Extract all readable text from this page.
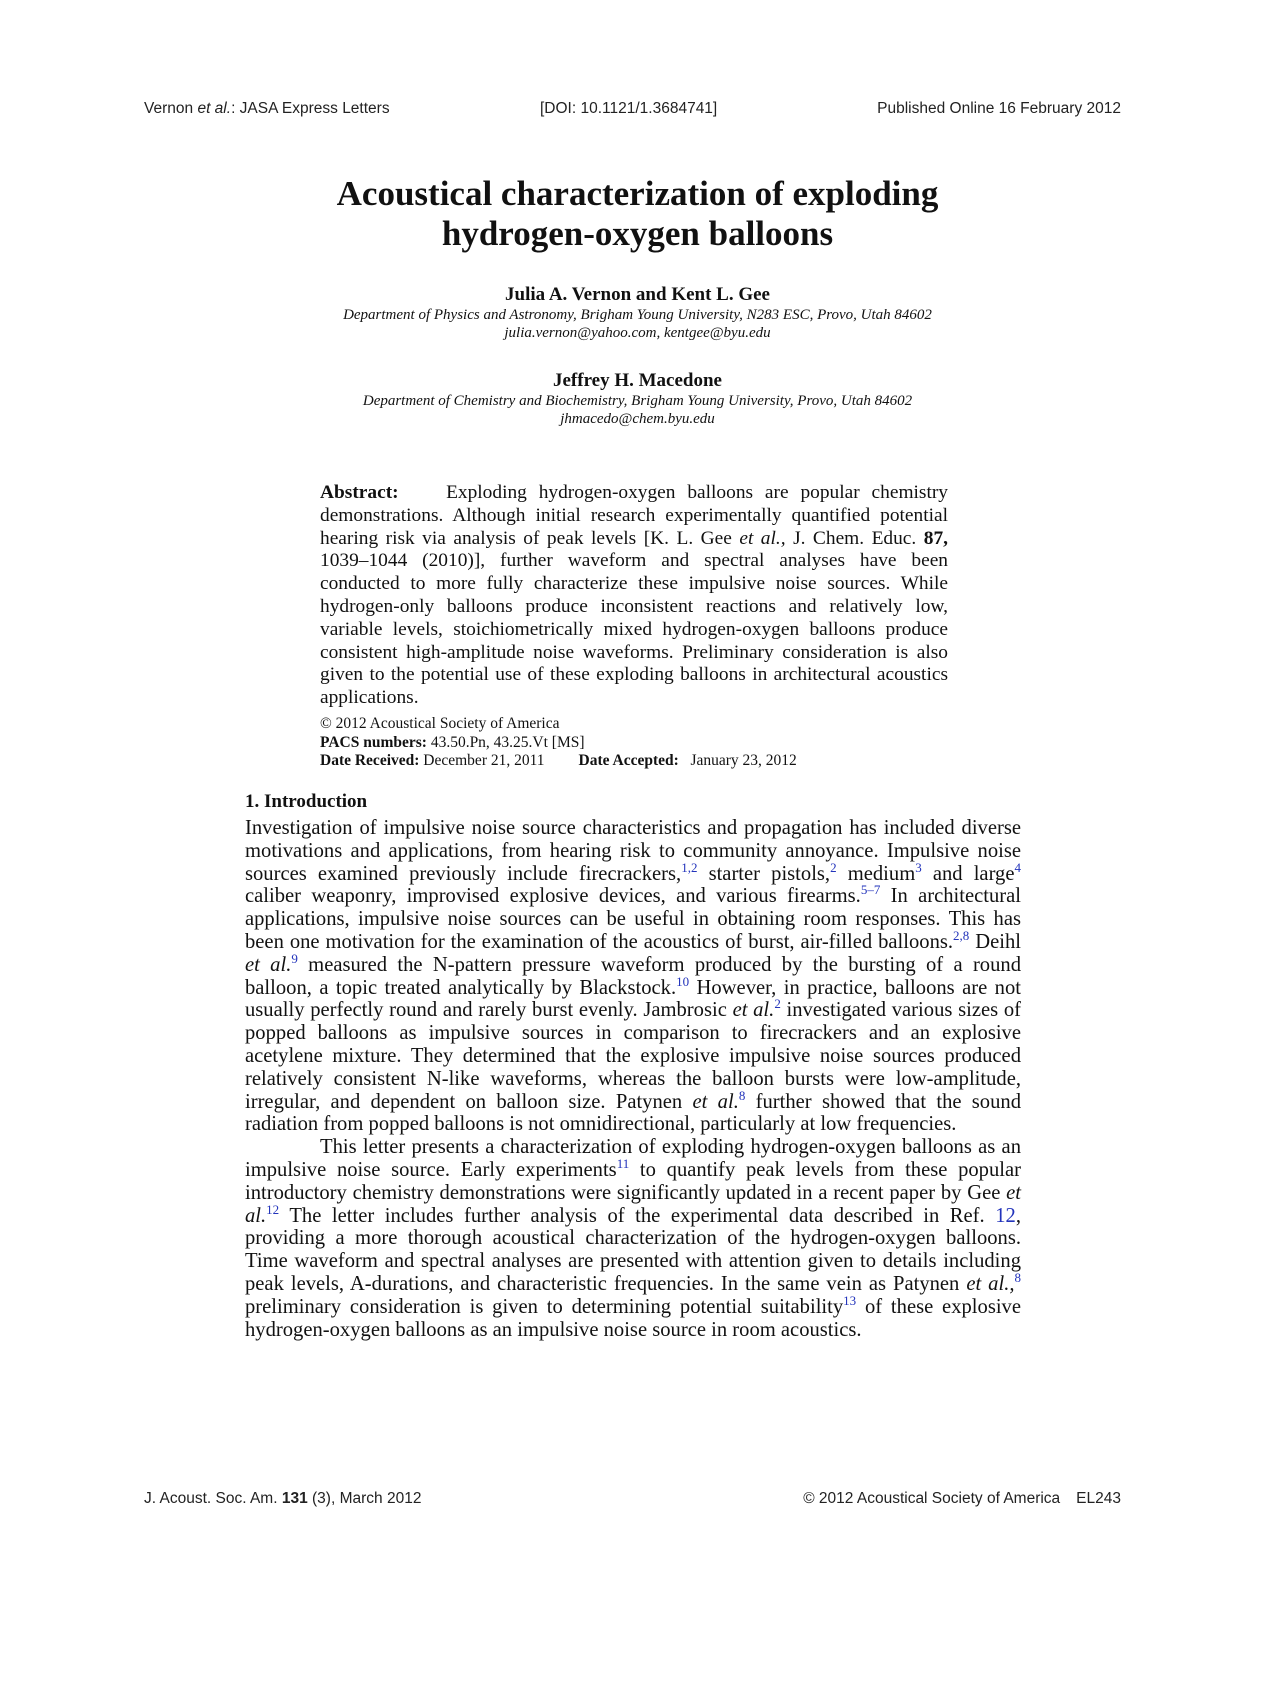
Vernon et al.: JASA Express Letters	[DOI: 10.1121/1.3684741]	Published Online 16 February 2012
Acoustical characterization of exploding
hydrogen-oxygen balloons
Julia A. Vernon and Kent L. Gee
Department of Physics and Astronomy, Brigham Young University, N283 ESC, Provo, Utah 84602
julia.vernon@yahoo.com, kentgee@byu.edu
Jeffrey H. Macedone
Department of Chemistry and Biochemistry, Brigham Young University, Provo, Utah 84602
jhmacedo@chem.byu.edu

Abstract: Exploding hydrogen-oxygen balloons are popular chemistry demonstrations. Although initial research experimentally quantified potential hearing risk via analysis of peak levels [K. L. Gee et al., J. Chem. Educ. 87, 1039–1044 (2010)], further waveform and spectral analyses have been conducted to more fully characterize these impulsive noise sources. While hydrogen-only balloons produce inconsistent reactions and relatively low, variable levels, stoichiometrically mixed hydrogen-oxygen balloons produce consistent high-amplitude noise waveforms. Preliminary consideration is also given to the potential use of these exploding balloons in architectural acoustics applications.

© 2012 Acoustical Society of America
PACS numbers: 43.50.Pn, 43.25.Vt [MS]
Date Received: December 21, 2011 Date Accepted: January 23, 2012
1. Introduction

Investigation of impulsive noise source characteristics and propagation has included diverse motivations and applications, from hearing risk to community annoyance. Impulsive noise sources examined previously include firecrackers,$^{1,2}$ starter pistols,$^2$ medium$^3$ and large$^4$ caliber weaponry, improvised explosive devices, and various firearms.$^{5-7}$ In architectural applications, impulsive noise sources can be useful in obtaining room responses. This has been one motivation for the examination of the acoustics of burst, air-filled balloons.$^{2,8}$ Deihl et al.$^9$ measured the N-pattern pressure waveform produced by the bursting of a round balloon, a topic treated analytically by Blackstock.$^{10}$ However, in practice, balloons are not usually perfectly round and rarely burst evenly. Jambrosic et al.$^2$ investigated various sizes of popped balloons as impulsive sources in comparison to firecrackers and an explosive acetylene mixture. They determined that the explosive impulsive noise sources produced relatively consistent N-like waveforms, whereas the balloon bursts were low-amplitude, irregular, and dependent on balloon size. Patynen et al.$^8$ further showed that the sound radiation from popped balloons is not omnidirectional, particularly at low frequencies.

This letter presents a characterization of exploding hydrogen-oxygen balloons as an impulsive noise source. Early experiments$^{11}$ to quantify peak levels from these popular introductory chemistry demonstrations were significantly updated in a recent paper by Gee et al.$^{12}$ The letter includes further analysis of the experimental data described in Ref. 12, providing a more thorough acoustical characterization of the hydrogen-oxygen balloons. Time waveform and spectral analyses are presented with attention given to details including peak levels, A-durations, and characteristic frequencies. In the same vein as Patynen et al.,$^8$ preliminary consideration is given to determining potential suitability$^{13}$ of these explosive hydrogen-oxygen balloons as an impulsive noise source in room acoustics.

J. Acoust. Soc. Am. 131 (3), March 2012	© 2012 Acoustical Society of America EL243
